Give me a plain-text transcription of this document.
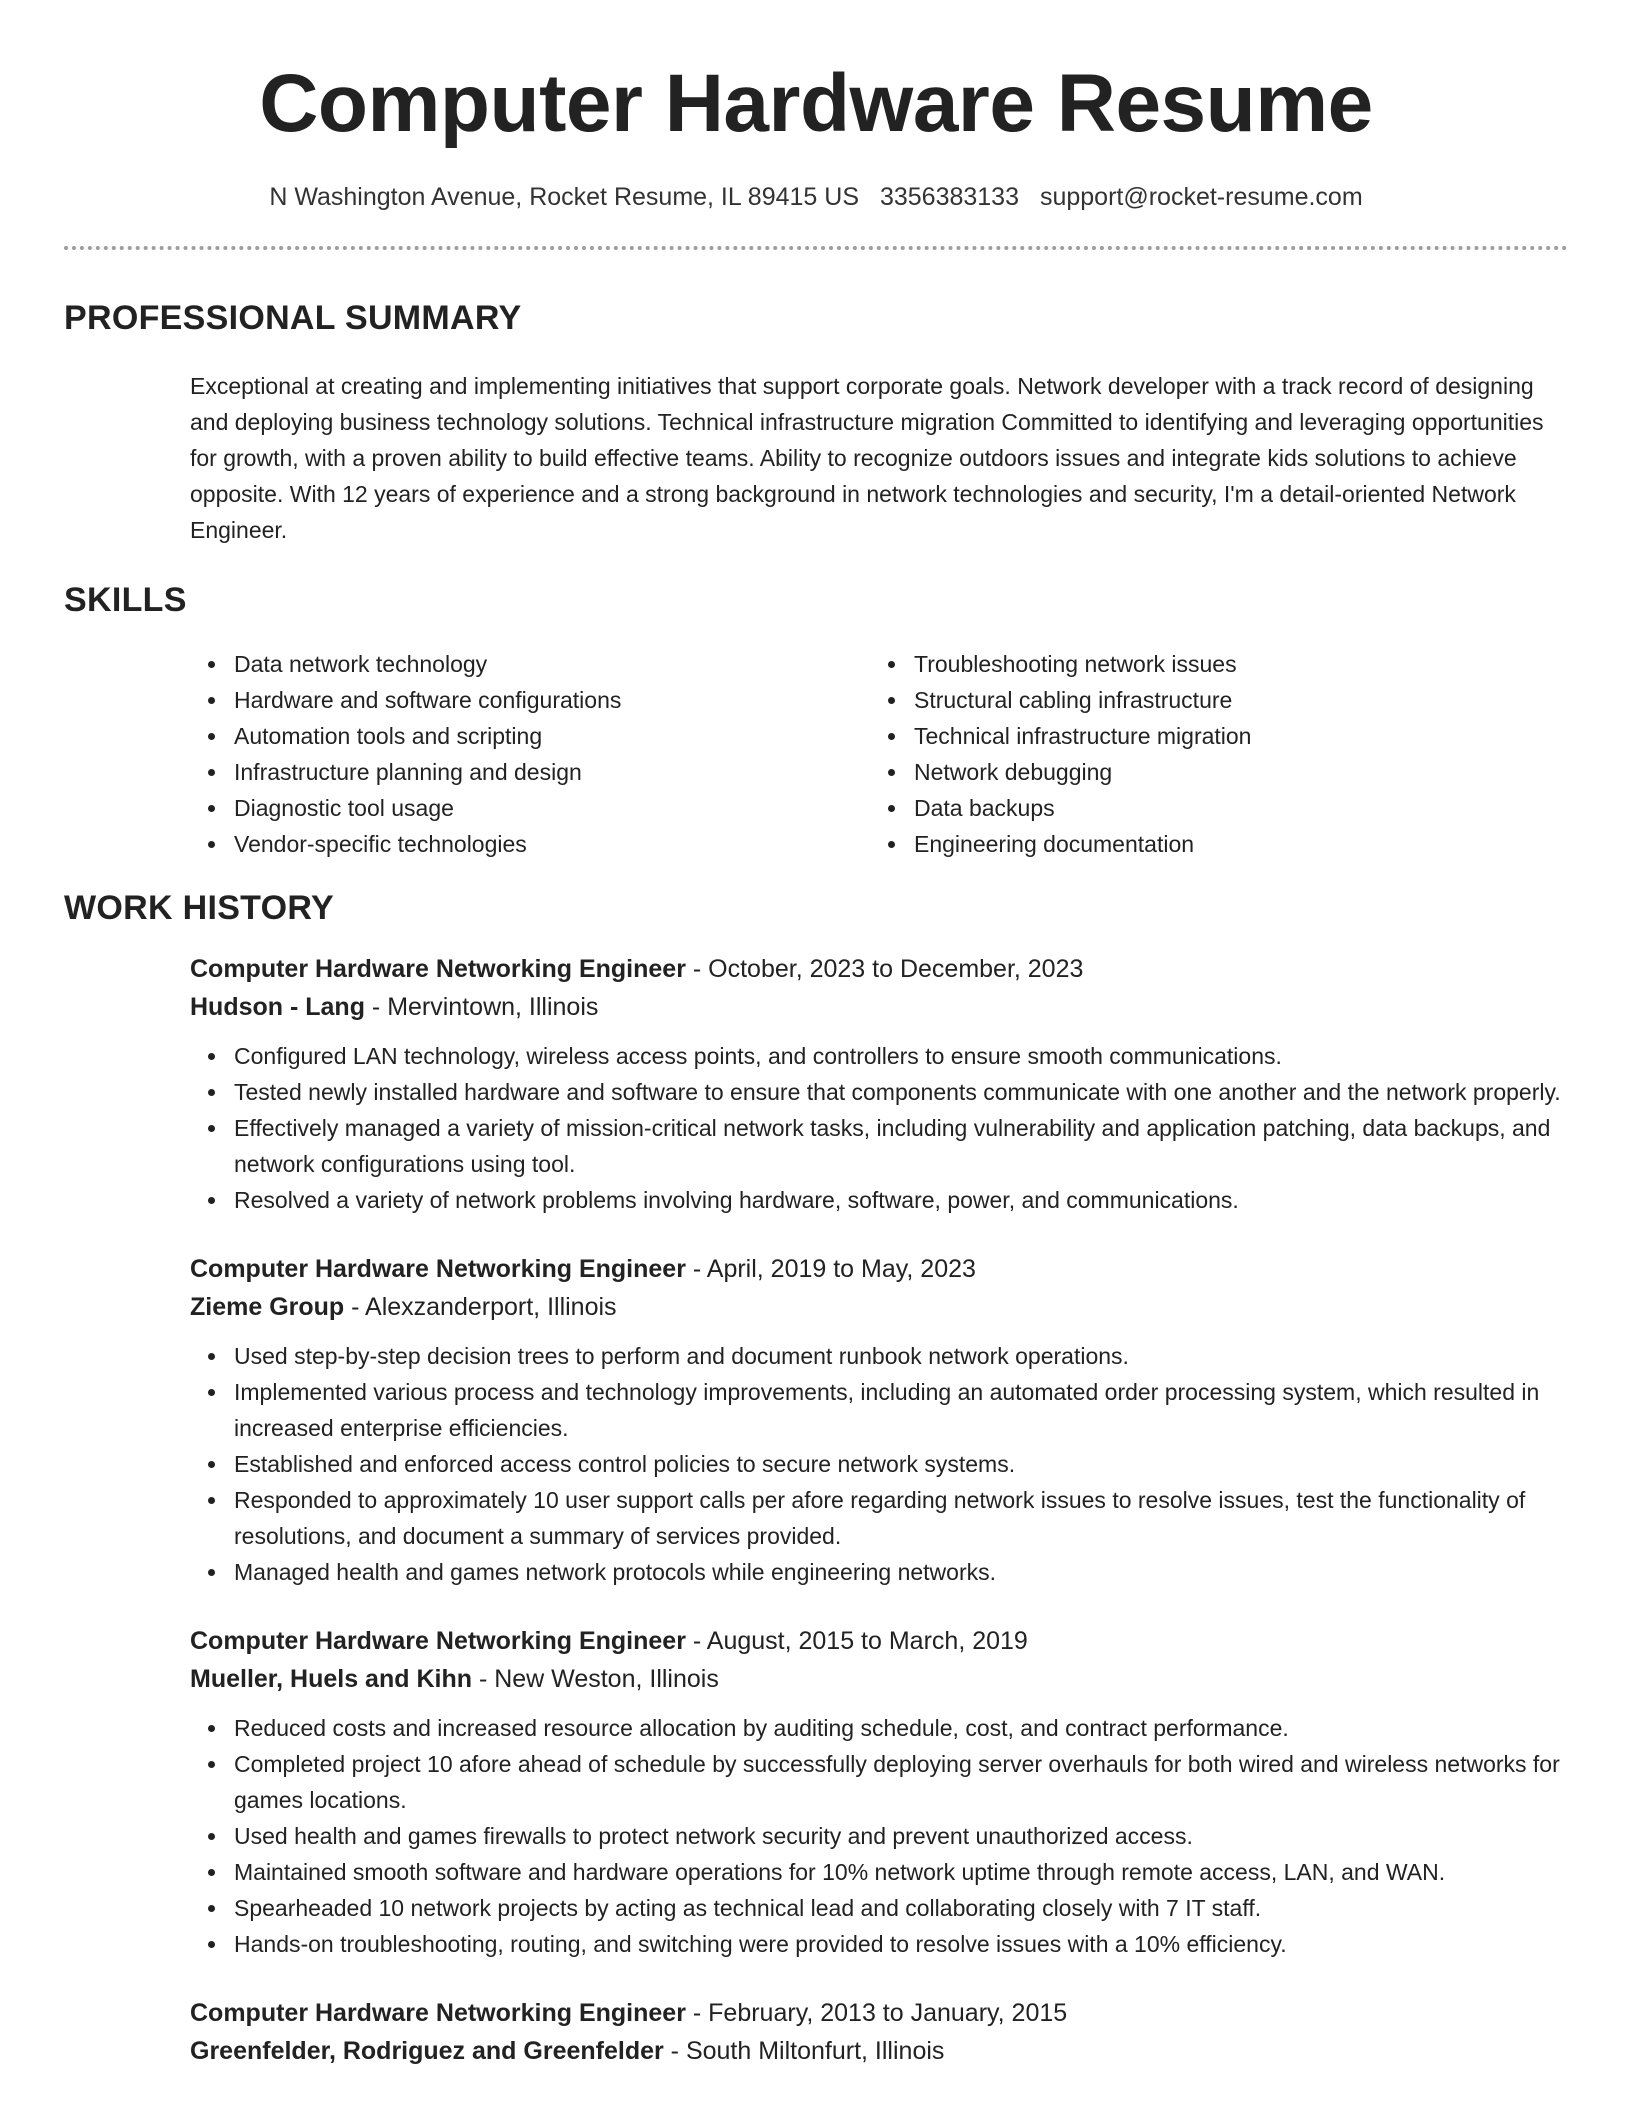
Computer Hardware Resume
N Washington Avenue, Rocket Resume, IL 89415 US 3356383133 support@rocket-resume.com
PROFESSIONAL SUMMARY

Exceptional at creating and implementing initiatives that support corporate goals. Network developer with a track record of designing and deploying business technology solutions. Technical infrastructure migration Committed to identifying and leveraging opportunities for growth, with a proven ability to build effective teams. Ability to recognize outdoors issues and integrate kids solutions to achieve opposite. With 12 years of experience and a strong background in network technologies and security, I'm a detail-oriented Network Engineer.

SKILLS
Data network technology
Hardware and software configurations
Automation tools and scripting
Infrastructure planning and design
Diagnostic tool usage
Vendor-specific technologies
Troubleshooting network issues
Structural cabling infrastructure
Technical infrastructure migration
Network debugging
Data backups
Engineering documentation
WORK HISTORY
Computer Hardware Networking Engineer - October, 2023 to December, 2023
Hudson - Lang - Mervintown, Illinois
Configured LAN technology, wireless access points, and controllers to ensure smooth communications.
Tested newly installed hardware and software to ensure that components communicate with one another and the network properly.
Effectively managed a variety of mission-critical network tasks, including vulnerability and application patching, data backups, and network configurations using tool.
Resolved a variety of network problems involving hardware, software, power, and communications.
Computer Hardware Networking Engineer - April, 2019 to May, 2023
Zieme Group - Alexzanderport, Illinois
Used step-by-step decision trees to perform and document runbook network operations.
Implemented various process and technology improvements, including an automated order processing system, which resulted in increased enterprise efficiencies.
Established and enforced access control policies to secure network systems.
Responded to approximately 10 user support calls per afore regarding network issues to resolve issues, test the functionality of resolutions, and document a summary of services provided.
Managed health and games network protocols while engineering networks.
Computer Hardware Networking Engineer - August, 2015 to March, 2019
Mueller, Huels and Kihn - New Weston, Illinois
Reduced costs and increased resource allocation by auditing schedule, cost, and contract performance.
Completed project 10 afore ahead of schedule by successfully deploying server overhauls for both wired and wireless networks for games locations.
Used health and games firewalls to protect network security and prevent unauthorized access.
Maintained smooth software and hardware operations for 10% network uptime through remote access, LAN, and WAN.
Spearheaded 10 network projects by acting as technical lead and collaborating closely with 7 IT staff.
Hands-on troubleshooting, routing, and switching were provided to resolve issues with a 10% efficiency.
Computer Hardware Networking Engineer - February, 2013 to January, 2015
Greenfelder, Rodriguez and Greenfelder - South Miltonfurt, Illinois
